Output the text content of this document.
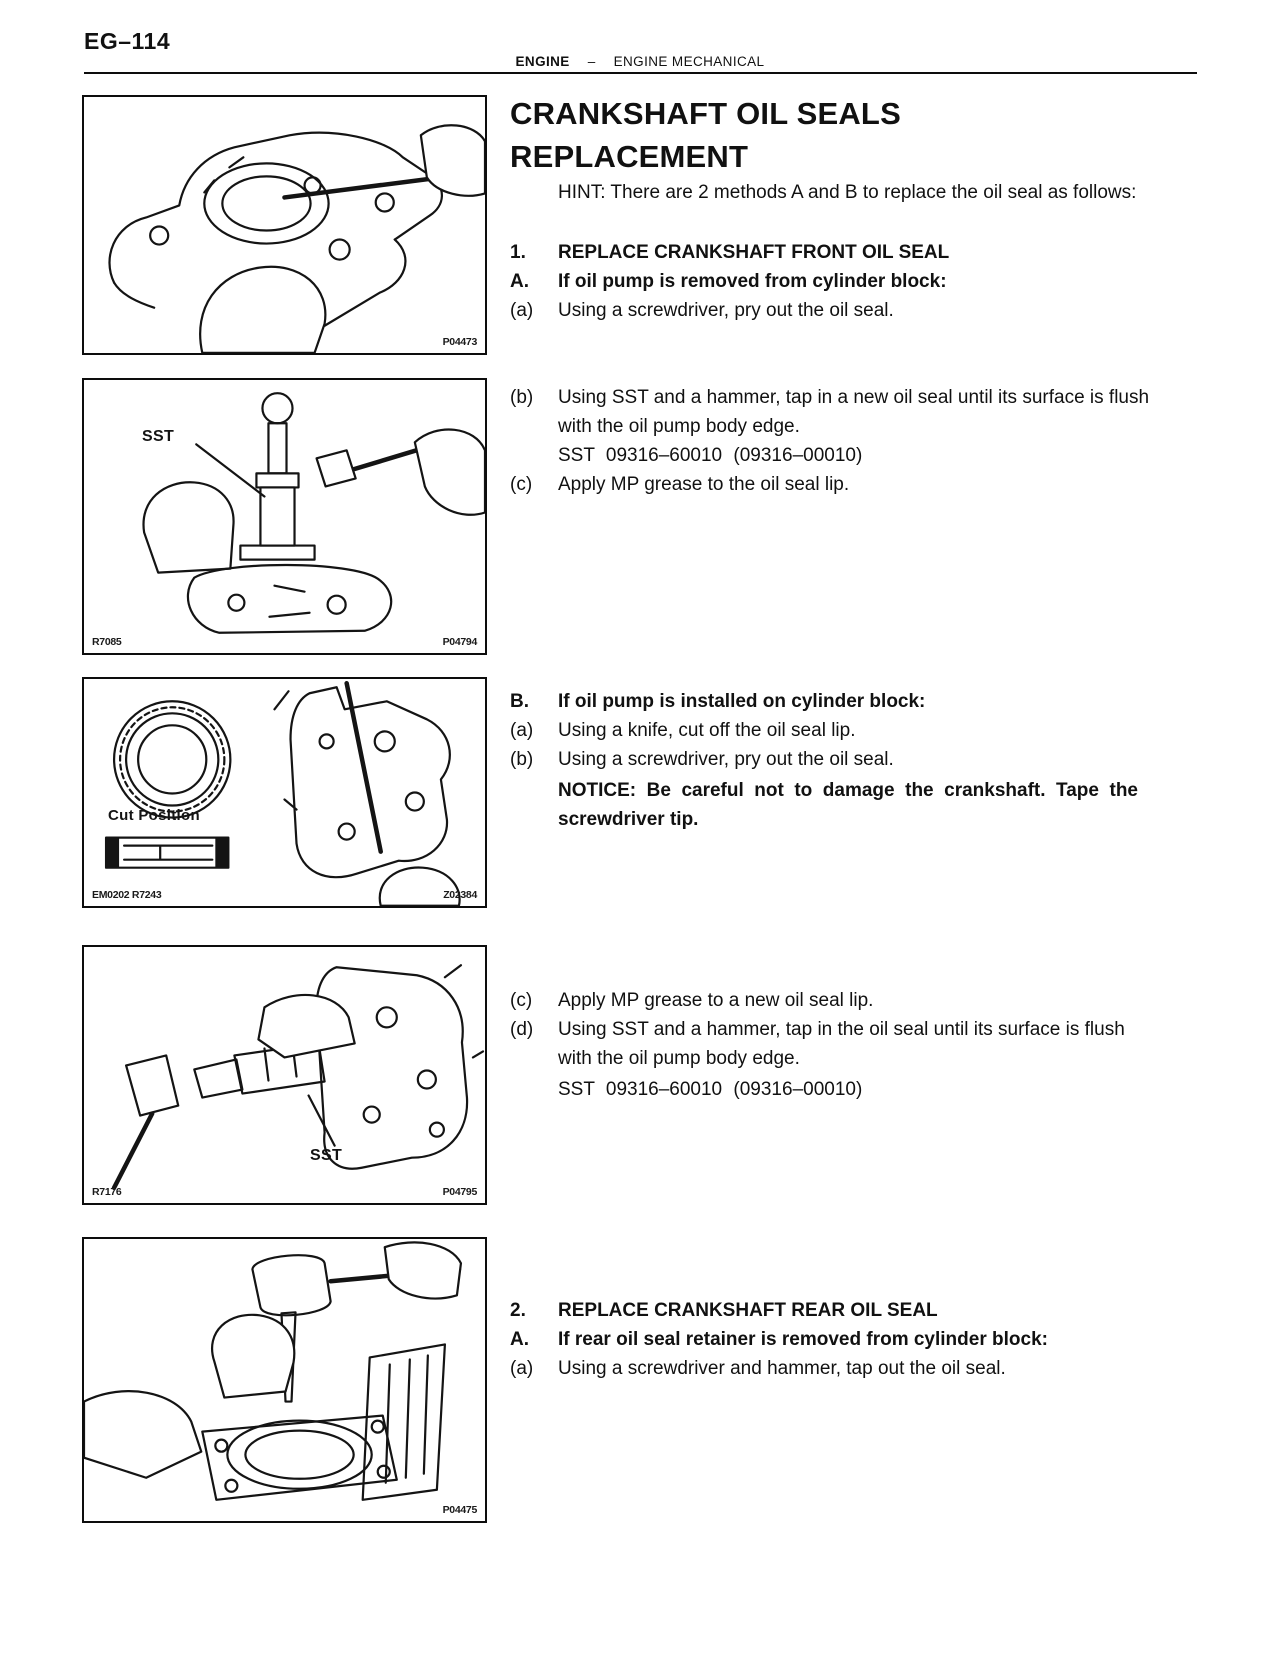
EG–114
ENGINE – ENGINE MECHANICAL
P04473
SST
R7085	P04794
Cut Position
EM0202 R7243	Z02384
SST
R7176	P04795
P04475
CRANKSHAFT OIL SEALS
REPLACEMENT
HINT: There are 2 methods A and B to replace the oil seal as follows:
1.	REPLACE CRANKSHAFT FRONT OIL SEAL
A.	If oil pump is removed from cylinder block:
(a)	Using a screwdriver, pry out the oil seal.
(b)	Using SST and a hammer, tap in a new oil seal until its surface is flush with the oil pump body edge.
SST 09316–60010 (09316–00010)
(c)	Apply MP grease to the oil seal lip.
B.	If oil pump is installed on cylinder block:
(a)	Using a knife, cut off the oil seal lip.
(b)	Using a screwdriver, pry out the oil seal.
NOTICE: Be careful not to damage the crankshaft. Tape the screwdriver tip.
(c)	Apply MP grease to a new oil seal lip.
(d)	Using SST and a hammer, tap in the oil seal until its surface is flush with the oil pump body edge.
SST 09316–60010 (09316–00010)
2.	REPLACE CRANKSHAFT REAR OIL SEAL
A.	If rear oil seal retainer is removed from cylinder block:
(a)	Using a screwdriver and hammer, tap out the oil seal.
